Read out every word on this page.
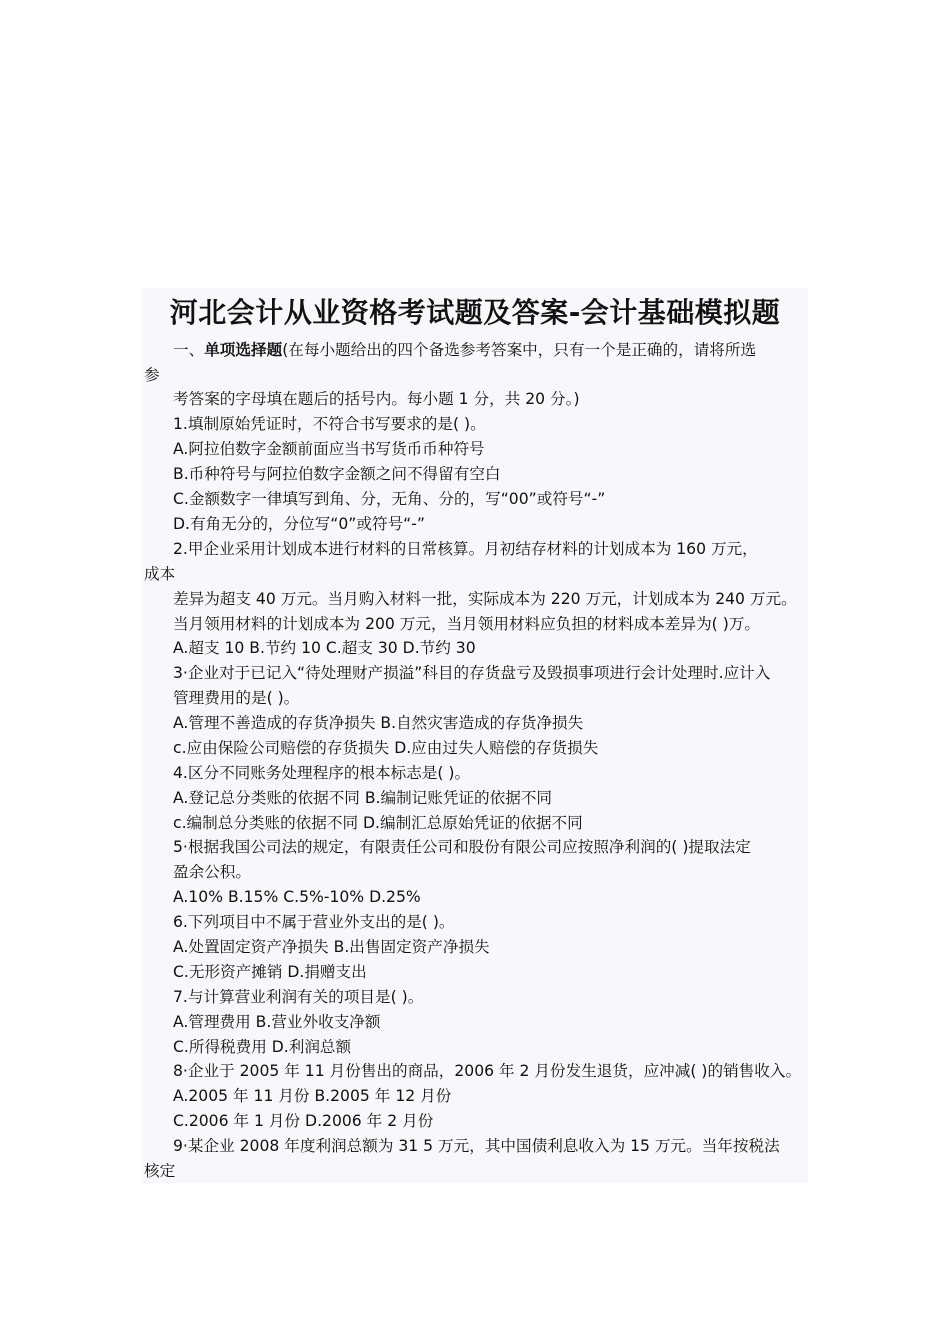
河北会计从业资格考试题及答案-会计基础模拟题
一、单项选择题(在每小题给出的四个备选参考答案中，只有一个是正确的，请将所选
参
考答案的字母填在题后的括号内。每小题 1 分，共 20 分。)
1.填制原始凭证时，不符合书写要求的是( )。
A.阿拉伯数字金额前面应当书写货币币种符号
B.币种符号与阿拉伯数字金额之问不得留有空白
C.金额数字一律填写到角、分，无角、分的，写“00”或符号“-”
D.有角无分的，分位写“0”或符号“-”
2.甲企业采用计划成本进行材料的日常核算。月初结存材料的计划成本为 160 万元，
成本
差异为超支 40 万元。当月购入材料一批，实际成本为 220 万元，计划成本为 240 万元。
当月领用材料的计划成本为 200 万元，当月领用材料应负担的材料成本差异为( )万。
A.超支 10 B.节约 10 C.超支 30 D.节约 30
3·企业对于已记入“待处理财产损溢”科目的存货盘亏及毁损事项进行会计处理时.应计入
管理费用的是( )。
A.管理不善造成的存货净损失 B.自然灾害造成的存货净损失
c.应由保险公司赔偿的存货损失 D.应由过失人赔偿的存货损失
4.区分不同账务处理程序的根本标志是( )。
A.登记总分类账的依据不同 B.编制记账凭证的依据不同
c.编制总分类账的依据不同 D.编制汇总原始凭证的依据不同
5·根据我国公司法的规定，有限责任公司和股份有限公司应按照净利润的( )提取法定
盈余公积。
A.10% B.15% C.5%-10% D.25%
6.下列项目中不属于营业外支出的是( )。
A.处置固定资产净损失 B.出售固定资产净损失
C.无形资产摊销 D.捐赠支出
7.与计算营业利润有关的项目是( )。
A.管理费用 B.营业外收支净额
C.所得税费用 D.利润总额
8·企业于 2005 年 11 月份售出的商品，2006 年 2 月份发生退货，应冲减( )的销售收入。
A.2005 年 11 月份 B.2005 年 12 月份
C.2006 年 1 月份 D.2006 年 2 月份
9·某企业 2008 年度利润总额为 31 5 万元，其中国债利息收入为 15 万元。当年按税法
核定
